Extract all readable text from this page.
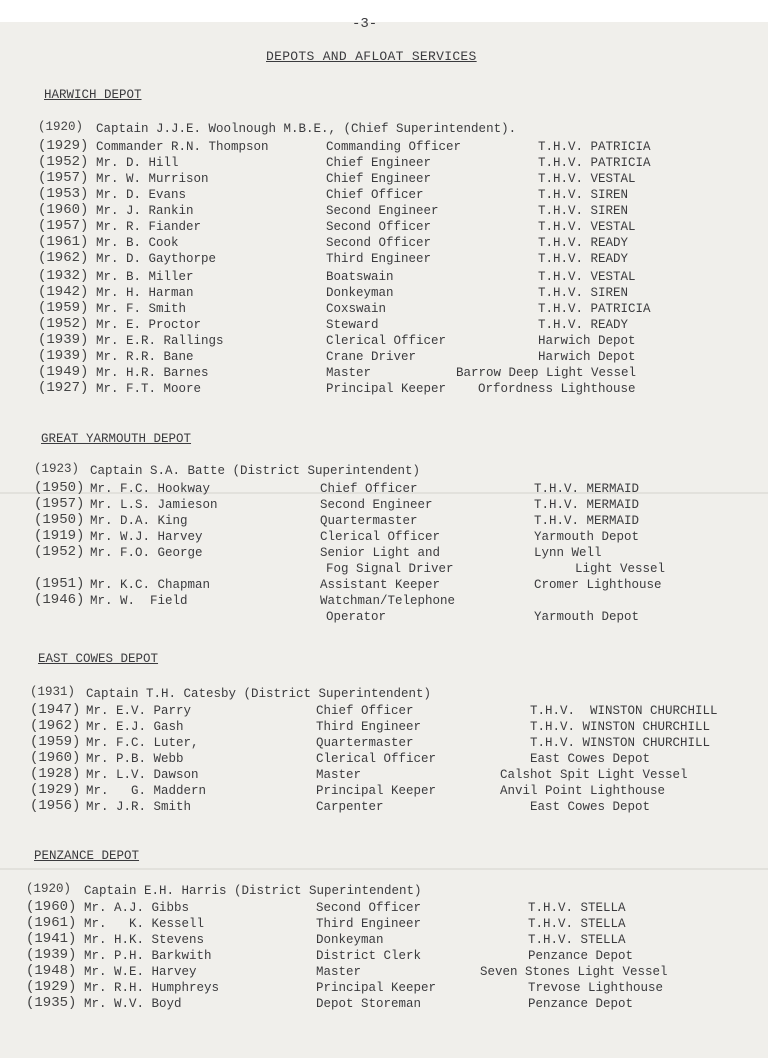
-3-
DEPOTS AND AFLOAT SERVICES
HARWICH DEPOT
(1920) Captain J.J.E. Woolnough M.B.E., (Chief Superintendent).
(1929) Commander R.N. Thompson	Commanding Officer	T.H.V. PATRICIA
(1952) Mr. D. Hill	Chief Engineer	T.H.V. PATRICIA
(1957) Mr. W. Murrison	Chief Engineer	T.H.V. VESTAL
(1953) Mr. D. Evans	Chief Officer	T.H.V. SIREN
(1960) Mr. J. Rankin	Second Engineer	T.H.V. SIREN
(1957) Mr. R. Fiander	Second Officer	T.H.V. VESTAL
(1961) Mr. B. Cook	Second Officer	T.H.V. READY
(1962) Mr. D. Gaythorpe	Third Engineer	T.H.V. READY
(1932) Mr. B. Miller	Boatswain	T.H.V. VESTAL
(1942) Mr. H. Harman	Donkeyman	T.H.V. SIREN
(1959) Mr. F. Smith	Coxswain	T.H.V. PATRICIA
(1952) Mr. E. Proctor	Steward	T.H.V. READY
(1939) Mr. E.R. Rallings	Clerical Officer	Harwich Depot
(1939) Mr. R.R. Bane	Crane Driver	Harwich Depot
(1949) Mr. H.R. Barnes	Master	Barrow Deep Light Vessel
(1927) Mr. F.T. Moore	Principal Keeper	Orfordness Lighthouse
GREAT YARMOUTH DEPOT
(1923) Captain S.A. Batte (District Superintendent)
(1950) Mr. F.C. Hookway	Chief Officer	T.H.V. MERMAID
(1957) Mr. L.S. Jamieson	Second Engineer	T.H.V. MERMAID
(1950) Mr. D.A. King	Quartermaster	T.H.V. MERMAID
(1919) Mr. W.J. Harvey	Clerical Officer	Yarmouth Depot
(1952) Mr. F.O. George	Senior Light and	Lynn Well
Fog Signal Driver	Light Vessel
(1951) Mr. K.C. Chapman	Assistant Keeper	Cromer Lighthouse
(1946) Mr. W.  Field	Watchman/Telephone
Operator	Yarmouth Depot
EAST COWES DEPOT
(1931) Captain T.H. Catesby (District Superintendent)
(1947) Mr. E.V. Parry	Chief Officer	T.H.V.  WINSTON CHURCHILL
(1962) Mr. E.J. Gash	Third Engineer	T.H.V. WINSTON CHURCHILL
(1959) Mr. F.C. Luter,	Quartermaster	T.H.V. WINSTON CHURCHILL
(1960) Mr. P.B. Webb	Clerical Officer	East Cowes Depot
(1928) Mr. L.V. Dawson	Master	Calshot Spit Light Vessel
(1929) Mr.   G. Maddern	Principal Keeper	Anvil Point Lighthouse
(1956) Mr. J.R. Smith	Carpenter	East Cowes Depot
PENZANCE DEPOT
(1920) Captain E.H. Harris (District Superintendent)
(1960) Mr. A.J. Gibbs	Second Officer	T.H.V. STELLA
(1961) Mr.   K. Kessell	Third Engineer	T.H.V. STELLA
(1941) Mr. H.K. Stevens	Donkeyman	T.H.V. STELLA
(1939) Mr. P.H. Barkwith	District Clerk	Penzance Depot
(1948) Mr. W.E. Harvey	Master	Seven Stones Light Vessel
(1929) Mr. R.H. Humphreys	Principal Keeper	Trevose Lighthouse
(1935) Mr. W.V. Boyd	Depot Storeman	Penzance Depot
